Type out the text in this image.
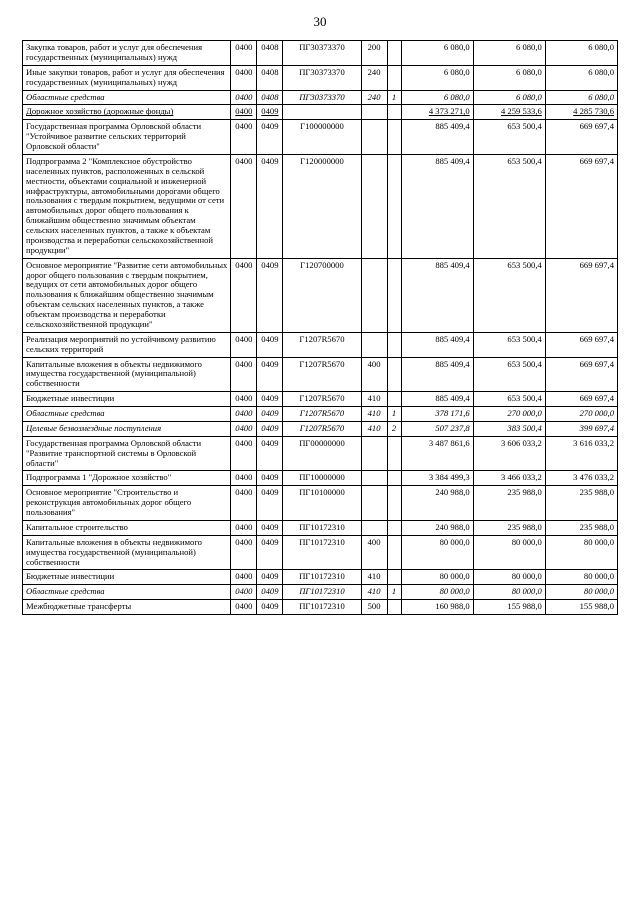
30
Закупка товаров, работ и услуг для обеспечения государственных (муниципальных) нужд	0400	0408	ПГ30373370	200		6 080,0	6 080,0	6 080,0
Иные закупки товаров, работ и услуг для обеспечения государственных (муниципальных) нужд	0400	0408	ПГ30373370	240		6 080,0	6 080,0	6 080,0
Областные средства	0400	0408	ПГ30373370	240	1	6 080,0	6 080,0	6 080,0
Дорожное хозяйство (дорожные фонды)	0400	0409				4 373 271,0	4 259 533,6	4 285 730,6
Государственная программа Орловской области "Устойчивое развитие сельских территорий Орловской области"	0400	0409	Г100000000			885 409,4	653 500,4	669 697,4
Подпрограмма 2 "Комплексное обустройство населенных пунктов, расположенных в сельской местности, объектами социальной и инженерной инфраструктуры, автомобильными дорогами общего пользования с твердым покрытием, ведущими от сети автомобильных дорог общего пользования к ближайшим общественно значимым объектам сельских населенных пунктов, а также к объектам производства и переработки сельскохозяйственной продукции"	0400	0409	Г120000000			885 409,4	653 500,4	669 697,4
Основное мероприятие "Развитие сети автомобильных дорог общего пользования с твердым покрытием, ведущих от сети автомобильных дорог общего пользования к ближайшим общественно значимым объектам сельских населенных пунктов, а также объектам производства и переработки сельскохозяйственной продукции"	0400	0409	Г120700000			885 409,4	653 500,4	669 697,4
Реализация мероприятий по устойчивому развитию сельских территорий	0400	0409	Г1207R5670			885 409,4	653 500,4	669 697,4
Капитальные вложения в объекты недвижимого имущества государственной (муниципальной) собственности	0400	0409	Г1207R5670	400		885 409,4	653 500,4	669 697,4
Бюджетные инвестиции	0400	0409	Г1207R5670	410		885 409,4	653 500,4	669 697,4
Областные средства	0400	0409	Г1207R5670	410	1	378 171,6	270 000,0	270 000,0
Целевые безвозмездные поступления	0400	0409	Г1207R5670	410	2	507 237,8	383 500,4	399 697,4
Государственная программа Орловской области "Развитие транспортной системы в Орловской области"	0400	0409	ПГ00000000			3 487 861,6	3 606 033,2	3 616 033,2
Подпрограмма 1 "Дорожное хозяйство"	0400	0409	ПГ10000000			3 384 499,3	3 466 033,2	3 476 033,2
Основное мероприятие "Строительство и реконструкция автомобильных дорог общего пользования"	0400	0409	ПГ10100000			240 988,0	235 988,0	235 988,0
Капитальное строительство	0400	0409	ПГ10172310			240 988,0	235 988,0	235 988,0
Капитальные вложения в объекты недвижимого имущества государственной (муниципальной) собственности	0400	0409	ПГ10172310	400		80 000,0	80 000,0	80 000,0
Бюджетные инвестиции	0400	0409	ПГ10172310	410		80 000,0	80 000,0	80 000,0
Областные средства	0400	0409	ПГ10172310	410	1	80 000,0	80 000,0	80 000,0
Межбюджетные трансферты	0400	0409	ПГ10172310	500		160 988,0	155 988,0	155 988,0
